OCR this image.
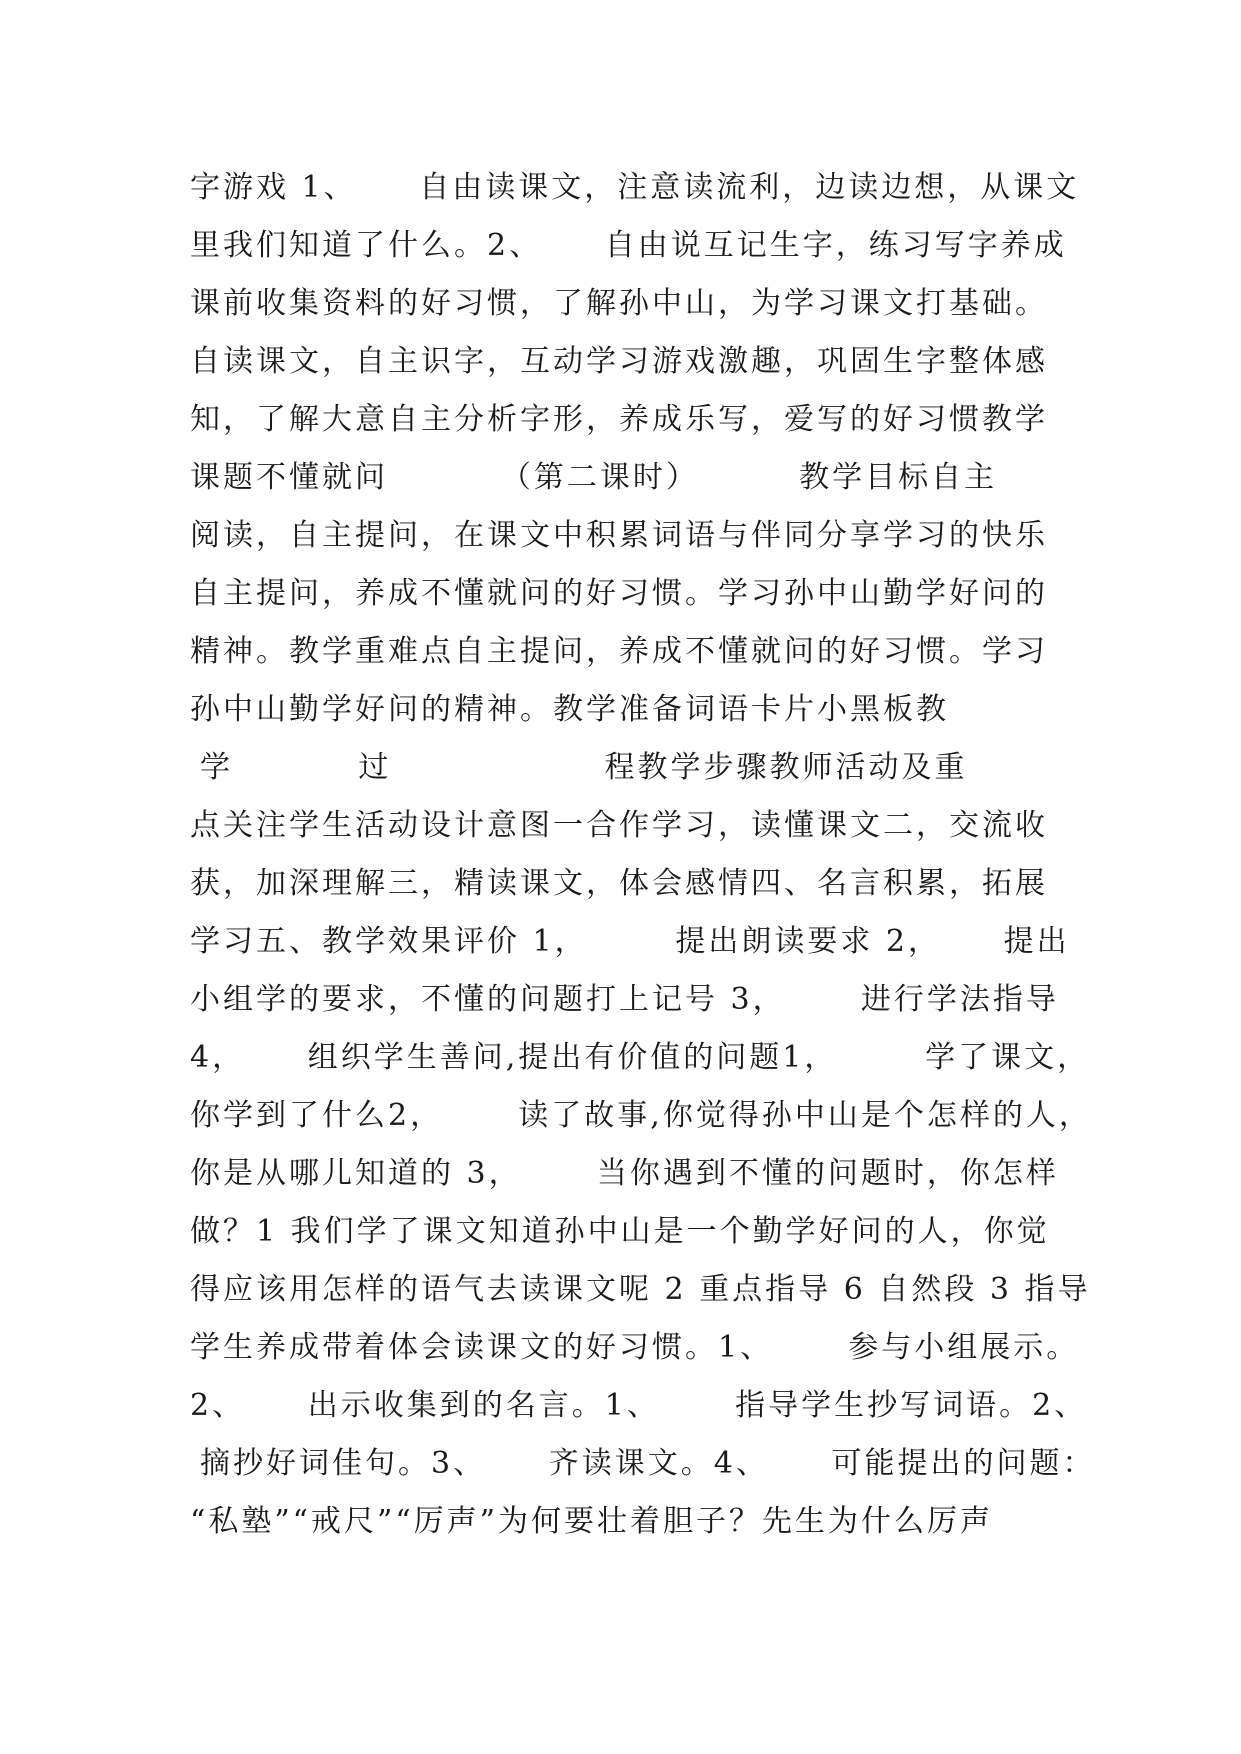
字游戏 1、     自由读课文，注意读流利，边读边想，从课文
里我们知道了什么。2、     自由说互记生字，练习写字养成
课前收集资料的好习惯，了解孙中山，为学习课文打基础。
自读课文，自主识字，互动学习游戏激趣，巩固生字整体感
知，了解大意自主分析字形，养成乐写，爱写的好习惯教学
课题不懂就问         （第二课时）        教学目标自主
阅读，自主提问，在课文中积累词语与伴同分享学习的快乐
自主提问，养成不懂就问的好习惯。学习孙中山勤学好问的
精神。教学重难点自主提问，养成不懂就问的好习惯。学习
孙中山勤学好问的精神。教学准备词语卡片小黑板教
学          过                 程教学步骤教师活动及重
点关注学生活动设计意图一合作学习，读懂课文二，交流收
获，加深理解三，精读课文，体会感情四、名言积累，拓展
学习五、教学效果评价 1，       提出朗读要求 2，     提出
小组学的要求，不懂的问题打上记号 3，      进行学法指导
4，     组织学生善问,提出有价值的问题1，       学了课文，
你学到了什么2，      读了故事,你觉得孙中山是个怎样的人，
你是从哪儿知道的 3，      当你遇到不懂的问题时，你怎样
做？1 我们学了课文知道孙中山是一个勤学好问的人，你觉
得应该用怎样的语气去读课文呢 2 重点指导 6 自然段 3 指导
学生养成带着体会读课文的好习惯。1、      参与小组展示。
2、     出示收集到的名言。1、      指导学生抄写词语。2、
摘抄好词佳句。3、     齐读课文。4、     可能提出的问题：
“私塾”“戒尺”“厉声”为何要壮着胆子？先生为什么厉声
